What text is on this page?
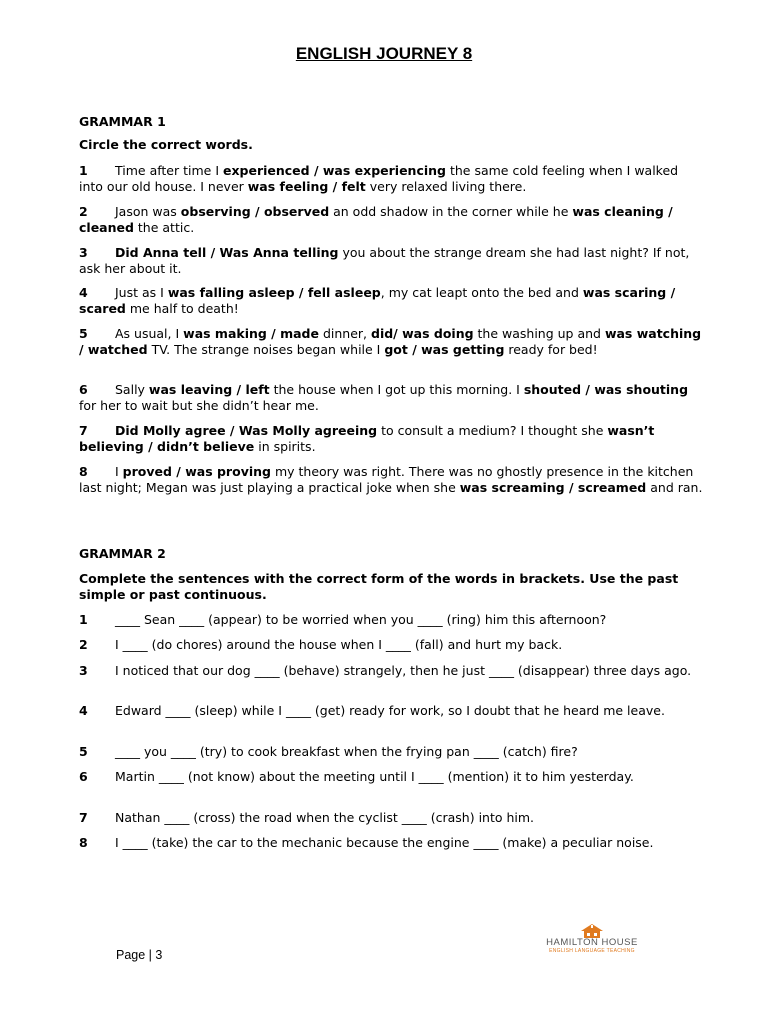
ENGLISH JOURNEY 8
GRAMMAR 1
Circle the correct words.
1 Time after time I experienced / was experiencing the same cold feeling when I walked into our old house. I never was feeling / felt very relaxed living there.
2 Jason was observing / observed an odd shadow in the corner while he was cleaning / cleaned the attic.
3 Did Anna tell / Was Anna telling you about the strange dream she had last night? If not, ask her about it.
4 Just as I was falling asleep / fell asleep, my cat leapt onto the bed and was scaring / scared me half to death!
5 As usual, I was making / made dinner, did/ was doing the washing up and was watching / watched TV. The strange noises began while I got / was getting ready for bed!
6 Sally was leaving / left the house when I got up this morning. I shouted / was shouting for her to wait but she didn’t hear me.
7 Did Molly agree / Was Molly agreeing to consult a medium? I thought she wasn’t believing / didn’t believe in spirits.
8 I proved / was proving my theory was right. There was no ghostly presence in the kitchen last night; Megan was just playing a practical joke when she was screaming / screamed and ran.
GRAMMAR 2
Complete the sentences with the correct form of the words in brackets. Use the past simple or past continuous.
1 ____ Sean ____ (appear) to be worried when you ____ (ring) him this afternoon?
2 I ____ (do chores) around the house when I ____ (fall) and hurt my back.
3 I noticed that our dog ____ (behave) strangely, then he just ____ (disappear) three days ago.
4 Edward ____ (sleep) while I ____ (get) ready for work, so I doubt that he heard me leave.
5 ____ you ____ (try) to cook breakfast when the frying pan ____ (catch) fire?
6 Martin ____ (not know) about the meeting until I ____ (mention) it to him yesterday.
7 Nathan ____ (cross) the road when the cyclist ____ (crash) into him.
8 I ____ (take) the car to the mechanic because the engine ____ (make) a peculiar noise.
Page | 3
HAMILTON HOUSE
ENGLISH LANGUAGE TEACHING
